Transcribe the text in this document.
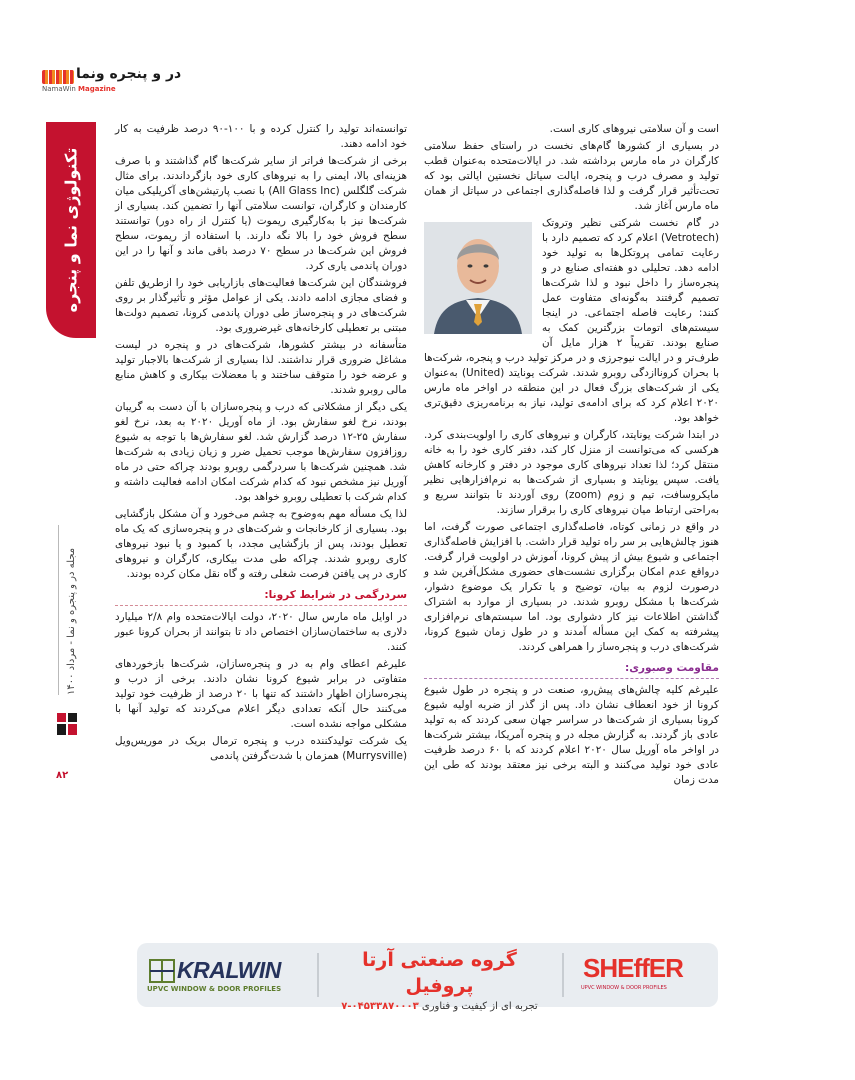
در و پنجره ونما
NamaWin Magazine
تکنولوژی نما و پنجره
مجله در و پنجره و نما - مرداد ۱۴۰۰
۸۲

است و آن سلامتی نیروهای کاری است.

در بسیاری از کشورها گام‌های نخست در راستای حفظ سلامتی کارگران در ماه مارس برداشته شد. در ایالات‌متحده به‌عنوان قطب تولید و مصرف درب و پنجره، ایالت سیاتل نخستین ایالتی بود که تحت‌تأثیر قرار گرفت و لذا فاصله‌گذاری اجتماعی در سیاتل از همان ماه مارس آغاز شد.

در گام نخست شرکتی نظیر وتروتک (Vetrotech) اعلام کرد که تصمیم دارد با رعایت تمامی پروتکل‌ها به تولید خود ادامه دهد. تحلیلی دو هفته‌ای صنایع در و پنجره‌ساز را داخل نبود و لذا شرکت‌ها تصمیم گرفتند به‌گونه‌ای متفاوت عمل کنند: رعایت فاصله اجتماعی. در اینجا سیستم‌های اتومات بزرگترین کمک به صنایع بودند. تقریباً ۲ هزار مایل آن طرف‌تر و در ایالت نیوجرزی و در مرکز تولید درب و پنجره، شرکت‌ها با بحران کروناازدگی روبرو شدند. شرکت یونایتد (United) به‌عنوان یکی از شرکت‌های بزرگ فعال در این منطقه در اواخر ماه مارس ۲۰۲۰ اعلام کرد که برای ادامه‌ی تولید، نیاز به برنامه‌ریزی دقیق‌تری خواهد بود.

در ابتدا شرکت یونایتد، کارگران و نیروهای کاری را اولویت‌بندی کرد. هرکسی که می‌توانست از منزل کار کند، دفتر کاری خود را به خانه منتقل کرد؛ لذا تعداد نیروهای کاری موجود در دفتر و کارخانه کاهش یافت. سپس یونایتد و بسیاری از شرکت‌ها به نرم‌افزارهایی نظیر مایکروسافت، تیم و زوم (zoom) روی آوردند تا بتوانند سریع و به‌راحتی ارتباط میان نیروهای کاری را برقرار سازند.

در واقع در زمانی کوتاه، فاصله‌گذاری اجتماعی صورت گرفت، اما هنوز چالش‌هایی بر سر راه تولید قرار داشت. با افزایش فاصله‌گذاری اجتماعی و شیوع بیش از پیش کرونا، آموزش در اولویت قرار گرفت. درواقع عدم امکان برگزاری نشست‌های حضوری مشکل‌آفرین شد و درصورت لزوم به بیان، توضیح و یا تکرار یک موضوع دشوار، شرکت‌ها با مشکل روبرو شدند. در بسیاری از موارد به اشتراک گذاشتن اطلاعات نیز کار دشواری بود. اما سیستم‌های نرم‌افزاری پیشرفته به کمک این مسأله آمدند و در طول زمان شیوع کرونا، شرکت‌های درب و پنجره‌ساز را همراهی کردند.

مقاومت وصبوری:

علیرغم کلیه چالش‌های پیش‌رو، صنعت در و پنجره در طول شیوع کرونا از خود انعطاف نشان داد. پس از گذر از ضربه اولیه شیوع کرونا بسیاری از شرکت‌ها در سراسر جهان سعی کردند که به تولید عادی باز گردند. به گزارش مجله در و پنجره آمریکا، بیشتر شرکت‌ها در اواخر ماه آوریل سال ۲۰۲۰ اعلام کردند که با ۶۰ درصد ظرفیت عادی خود تولید می‌کنند و البته برخی نیز معتقد بودند که طی این مدت زمان

توانسته‌اند تولید را کنترل کرده و با ۱۰۰-۹۰ درصد ظرفیت به کار خود ادامه دهند.

برخی از شرکت‌ها فراتر از سایر شرکت‌ها گام گذاشتند و با صرف هزینه‌ای بالا، ایمنی را به نیروهای کاری خود بازگرداندند. برای مثال شرکت گلگلس (All Glass Inc) با نصب پارتیشن‌های آکریلیکی میان کارمندان و کارگران، توانست سلامتی آنها را تضمین کند. بسیاری از شرکت‌ها نیز با به‌کارگیری ریموت (یا کنترل از راه دور) توانستند سطح فروش خود را بالا نگه دارند. با استفاده از ریموت، سطح فروش این شرکت‌ها در سطح ۷۰ درصد باقی ماند و آنها را در این دوران پاندمی یاری کرد.

فروشندگان این شرکت‌ها فعالیت‌های بازاریابی خود را ازطریق تلفن و فضای مجازی ادامه دادند. یکی از عوامل مؤثر و تأثیرگذار بر روی شرکت‌های در و پنجره‌ساز طی دوران پاندمی کرونا، تصمیم دولت‌ها مبتنی بر تعطیلی کارخانه‌های غیرضروری بود.

متأسفانه در بیشتر کشورها، شرکت‌های در و پنجره در لیست مشاغل ضروری قرار نداشتند. لذا بسیاری از شرکت‌ها بالاجبار تولید و عرضه خود را متوقف ساختند و با معضلات بیکاری و کاهش منابع مالی روبرو شدند.

یکی دیگر از مشکلاتی که درب و پنجره‌سازان با آن دست به گریبان بودند، نرخ لغو سفارش بود. از ماه آوریل ۲۰۲۰ به بعد، نرخ لغو سفارش ۲۵-۱۲ درصد گزارش شد. لغو سفارش‌ها با توجه به شیوع روزافزون سفارش‌ها موجب تحمیل ضرر و زیان زیادی به شرکت‌ها شد. همچنین شرکت‌ها با سردرگمی روبرو بودند چراکه حتی در ماه آوریل نیز مشخص نبود که کدام شرکت امکان ادامه فعالیت داشته و کدام شرکت با تعطیلی روبرو خواهد بود.

لذا یک مسأله مهم به‌وضوح به چشم می‌خورد و آن مشکل بازگشایی بود. بسیاری از کارخانجات و شرکت‌های در و پنجره‌سازی که یک ماه تعطیل بودند، پس از بازگشایی مجدد، با کمبود و یا نبود نیروهای کاری روبرو شدند. چراکه طی مدت بیکاری، کارگران و نیروهای کاری در پی یافتن فرصت شغلی رفته و گاه نقل مکان کرده بودند.

سردرگمی در شرایط کرونا:

در اوایل ماه مارس سال ۲۰۲۰، دولت ایالات‌متحده وام ۲/۸ میلیارد دلاری به ساختمان‌سازان اختصاص داد تا بتوانند از بحران کرونا عبور کنند.

علیرغم اعطای وام به در و پنجره‌سازان، شرکت‌ها بازخوردهای متفاوتی در برابر شیوع کرونا نشان دادند. برخی از درب و پنجره‌سازان اظهار داشتند که تنها با ۲۰ درصد از ظرفیت خود تولید می‌کنند حال آنکه تعدادی دیگر اعلام می‌کردند که تولید آنها با مشکلی مواجه نشده است.

یک شرکت تولیدکننده درب و پنجره ترمال بریک در موریس‌ویل (Murrysville) همزمان با شدت‌گرفتن پاندمی

KRALWIN
UPVC WINDOW & DOOR PROFILES
گروه صنعتی آرتا پروفیل
تجربه ای از کیفیت و فناوری ۰۴۵۳۳۸۷۰۰۰۳-۷
SHEffER
UPVC WINDOW & DOOR PROFILES
